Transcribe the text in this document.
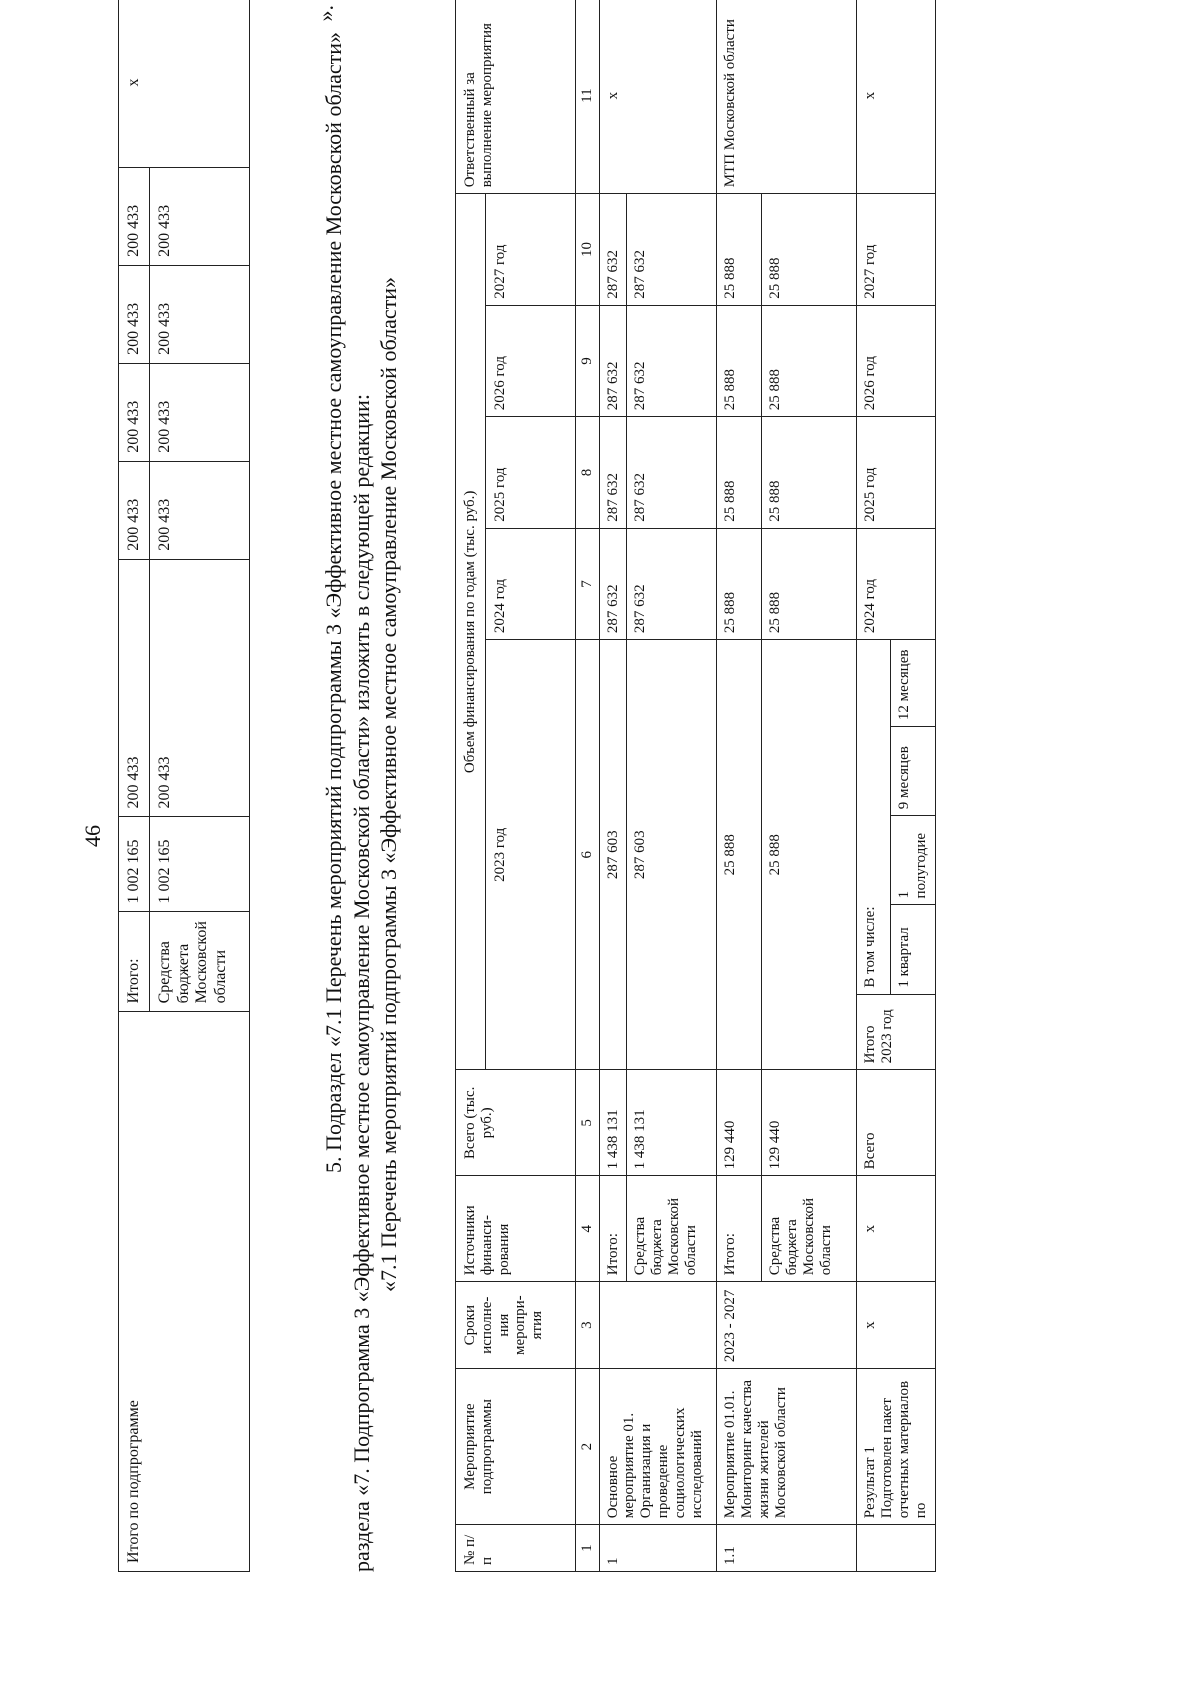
46
Итого по подпрограмме	Итого:	1 002 165	200 433	200 433	200 433	200 433	200 433	х
	Средства бюджета Московской области	1 002 165	200 433	200 433	200 433	200 433	200 433	
».
5. Подраздел «7.1 Перечень мероприятий подпрограммы 3 «Эффективное местное самоуправление Московской области» раздела «7. Подпрограмма 3 «Эффективное местное самоуправление Московской области» изложить в следующей редакции: «7.1 Перечень мероприятий подпрограммы 3 «Эффективное местное самоуправление Московской области»
№ п/п	Мероприятие подпрограммы	Сроки исполне-ния меропри-ятия	Источники финанси-рования	Всего (тыс. руб.)	Объем финансирования по годам (тыс. руб.)									Ответственный за выполнение мероприятия
					2023 год					2024 год	2025 год	2026 год	2027 год	
1	2	3	4	5	6					7	8	9	10	11
1	Основное мероприятие 01. Организация и проведение социологических исследований		Итого:	1 438 131	287 603					287 632	287 632	287 632	287 632	х
			Средства бюджета Московской области	1 438 131	287 603					287 632	287 632	287 632	287 632	
1.1	Мероприятие 01.01. Мониторинг качества жизни жителей Московской области	2023 - 2027	Итого:	129 440	25 888					25 888	25 888	25 888	25 888	МТП Московской области
			Средства бюджета Московской области	129 440	25 888					25 888	25 888	25 888	25 888	
	Результат 1 Подготовлен пакет отчетных материалов по	х	х	Всего	Итого 2023 год	В том числе:				2024 год	2025 год	2026 год	2027 год	х
						1 квартал	1 полугодие	9 месяцев	12 месяцев					
